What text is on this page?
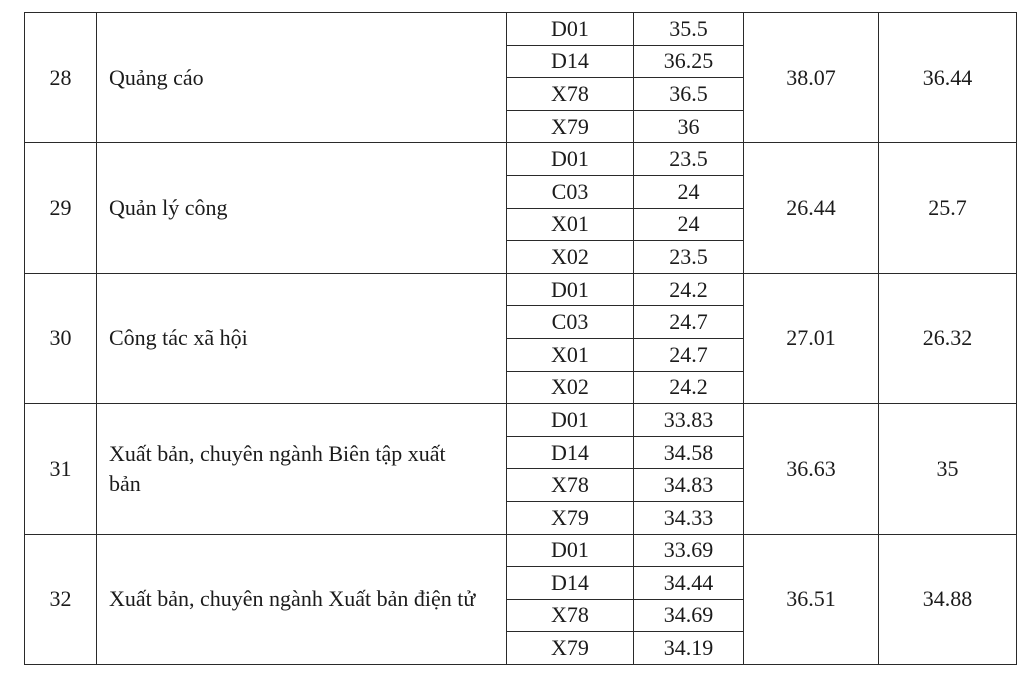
28	Quảng cáo	D01	35.5	38.07	36.44
		D14	36.25		
		X78	36.5		
		X79	36		
29	Quản lý công	D01	23.5	26.44	25.7
		C03	24		
		X01	24		
		X02	23.5		
30	Công tác xã hội	D01	24.2	27.01	26.32
		C03	24.7		
		X01	24.7		
		X02	24.2		
31	Xuất bản, chuyên ngành Biên tập xuất bản	D01	33.83	36.63	35
		D14	34.58		
		X78	34.83		
		X79	34.33		
32	Xuất bản, chuyên ngành Xuất bản điện tử	D01	33.69	36.51	34.88
		D14	34.44		
		X78	34.69		
		X79	34.19		
